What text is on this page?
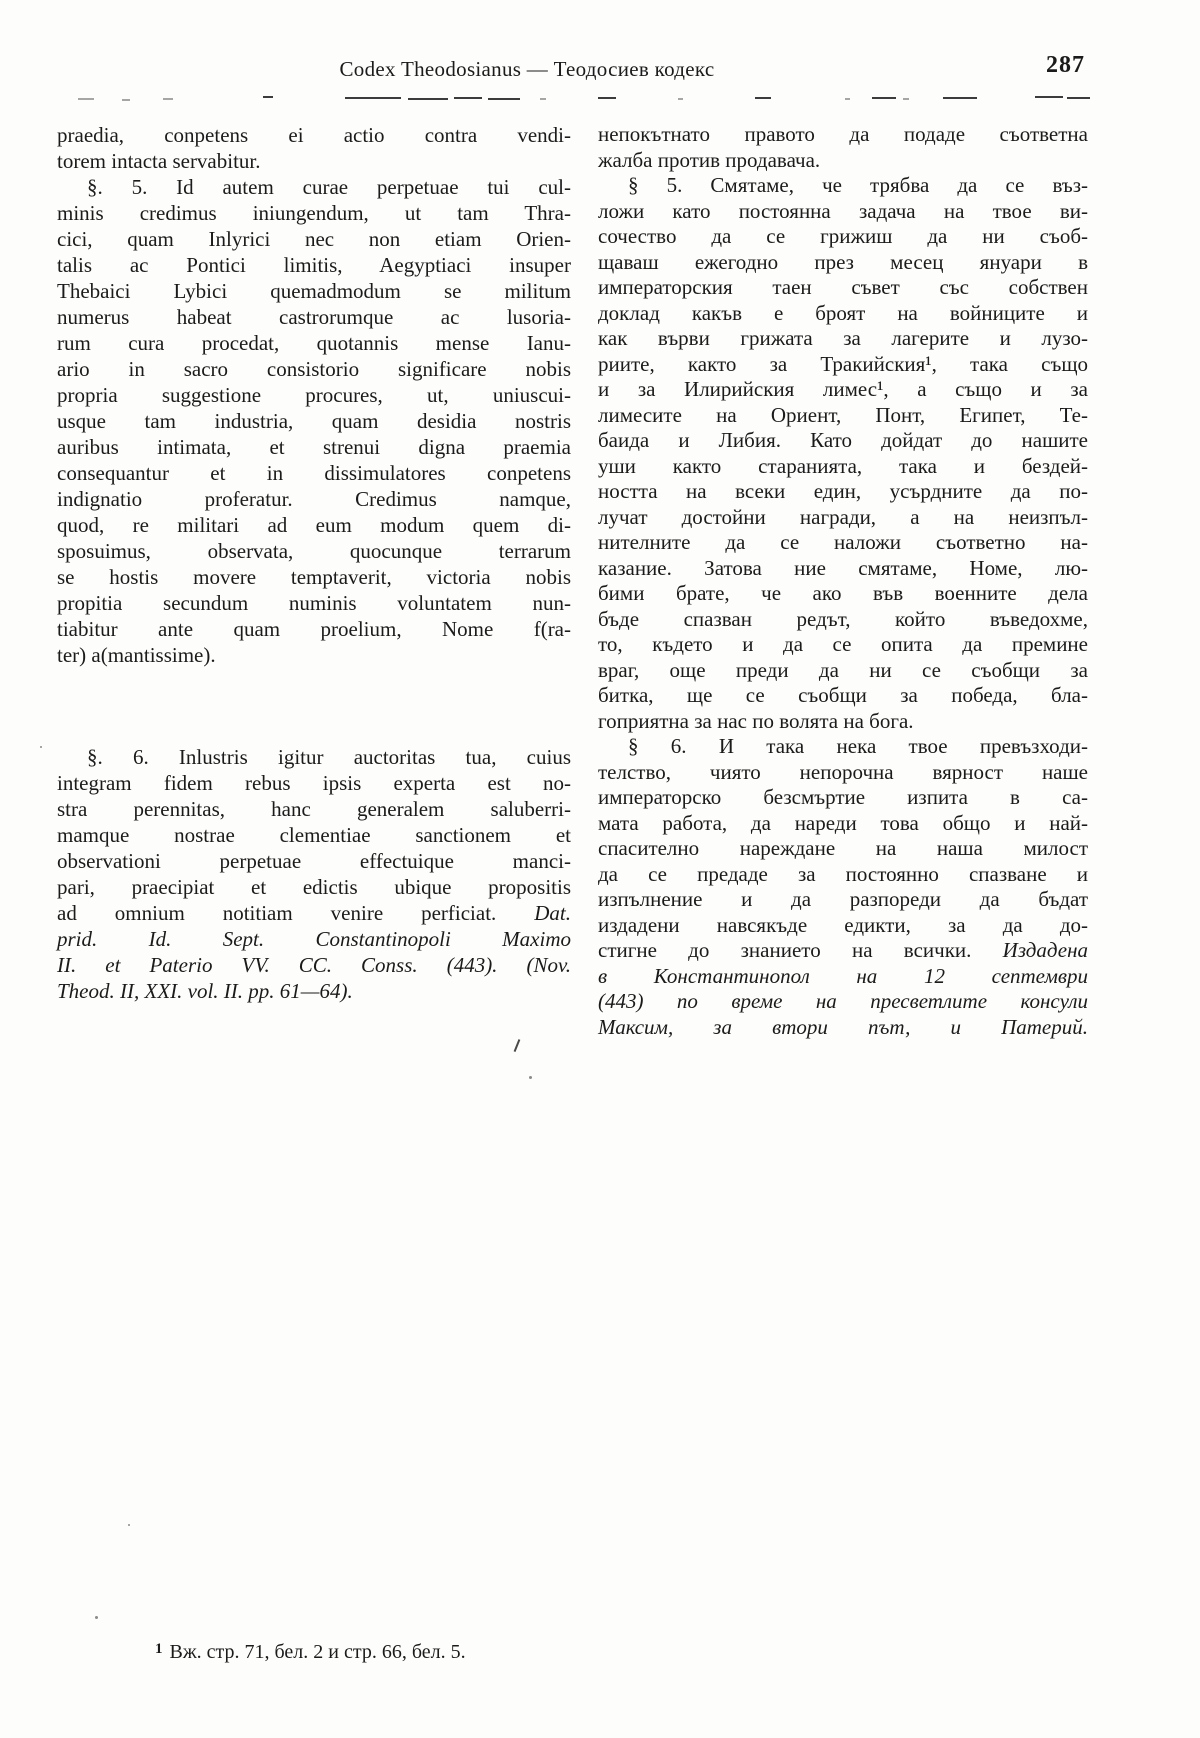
Codex Theodosianus — Теодосиев кодекс	287
praedia, conpetens ei actio contra vendi-
torem intacta servabitur.
§. 5. Id autem curae perpetuae tui cul-
minis credimus iniungendum, ut tam Thra-
cici, quam Inlyrici nec non etiam Orien-
talis ac Pontici limitis, Aegyptiaci insuper
Thebaici Lybici quemadmodum se militum
numerus habeat castrorumque ac lusoria-
rum cura procedat, quotannis mense Ianu-
ario in sacro consistorio significare nobis
propria suggestione procures, ut, uniuscui-
usque tam industria, quam desidia nostris
auribus intimata, et strenui digna praemia
consequantur et in dissimulatores conpetens
indignatio proferatur. Credimus namque,
quod, re militari ad eum modum quem di-
sposuimus, observata, quocunque terrarum
se hostis movere temptaverit, victoria nobis
propitia secundum numinis voluntatem nun-
tiabitur ante quam proelium, Nome f(ra-
ter) a(mantissime).
§. 6. Inlustris igitur auctoritas tua, cuius
integram fidem rebus ipsis experta est no-
stra perennitas, hanc generalem saluberri-
mamque nostrae clementiae sanctionem et
observationi perpetuae effectuique manci-
pari, praecipiat et edictis ubique propositis
ad omnium notitiam venire perficiat. Dat.
prid. Id. Sept. Constantinopoli Maximo
II. et Paterio VV. CC. Conss. (443). (Nov.
Theod. II, XXI. vol. II. pp. 61—64).
непокътнато правото да подаде съответна
жалба против продавача.
§ 5. Смятаме, че трябва да се въз-
ложи като постоянна задача на твое ви-
сочество да се грижиш да ни съоб-
щаваш ежегодно през месец януари в
императорския таен съвет със собствен
доклад какъв е броят на войниците и
как върви грижата за лагерите и лузо-
риите, както за Тракийския¹, така също
и за Илирийския лимес¹, а също и за
лимесите на Ориент, Понт, Египет, Те-
баида и Либия. Като дойдат до нашите
уши както старанията, така и бездей-
ността на всеки един, усърдните да по-
лучат достойни награди, а на неизпъл-
нителните да се наложи съответно на-
казание. Затова ние смятаме, Номе, лю-
бими брате, че ако във военните дела
бъде спазван редът, който въведохме,
то, където и да се опита да премине
враг, още преди да ни се съобщи за
битка, ще се съобщи за победа, бла-
гоприятна за нас по волята на бога.
§ 6. И така нека твое превъзходи-
телство, чиято непорочна вярност наше
императорско безсмъртие изпита в са-
мата работа, да нареди това общо и най-
спасително нареждане на наша милост
да се предаде за постоянно спазване и
изпълнение и да разпореди да бъдат
издадени навсякъде едикти, за да до-
стигне до знанието на всички. Издадена
в Константинопол на 12 септември
(443) по време на пресветлите консули
Максим, за втори път, и Патерий.
$^1$ Вж. стр. 71, бел. 2 и стр. 66, бел. 5.
